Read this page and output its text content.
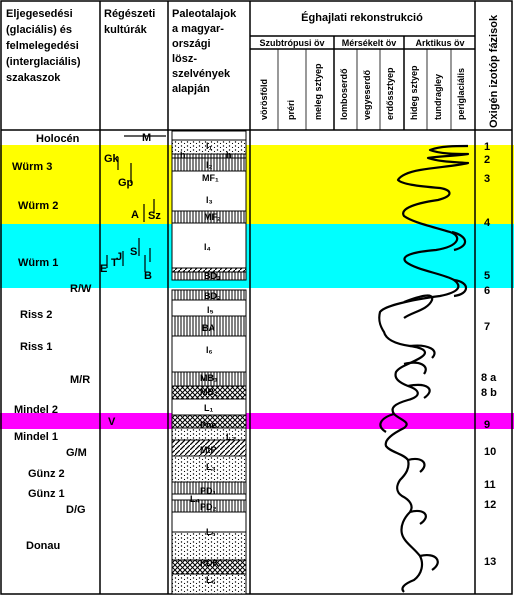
Eljegesedési
(glaciális) és
felmelegedési
(interglaciális)
szakaszok
Régészeti
kultúrák
Paleotalajok
a magyar-
országi
lösz-
szelvények
alapján
Éghajlati rekonstrukció
Szubtrópusi öv Mérsékelt öv Arktikus öv
vörösföld préri meleg sztyep lomboserdő vegyeserdő erdőssztyep hideg sztyep tundragley periglaciális Oxigén izotóp fázisok
Holocén
Würm 3
Würm 2
Würm 1
R/W
Riss 2
Riss 1
M/R
Mindel 2
Mindel 1
G/M
Günz 2
Günz 1
D/G
Donau
M
Gk
Gp
A Sz
E T
J S
B
V
l₁
h	h
l₂
MF₁
l₃
MF₂
l₄
BD₁
BD₂
l₅
BA
l₆
MB₁
MB₂
L₁
Pne
L₂
MtP
L₃
PD₁
L₄
PD₂
L₅
PDK
L₆
1
2
3
4
5
6
7
8 a
8 b
9
10
11
12
13
